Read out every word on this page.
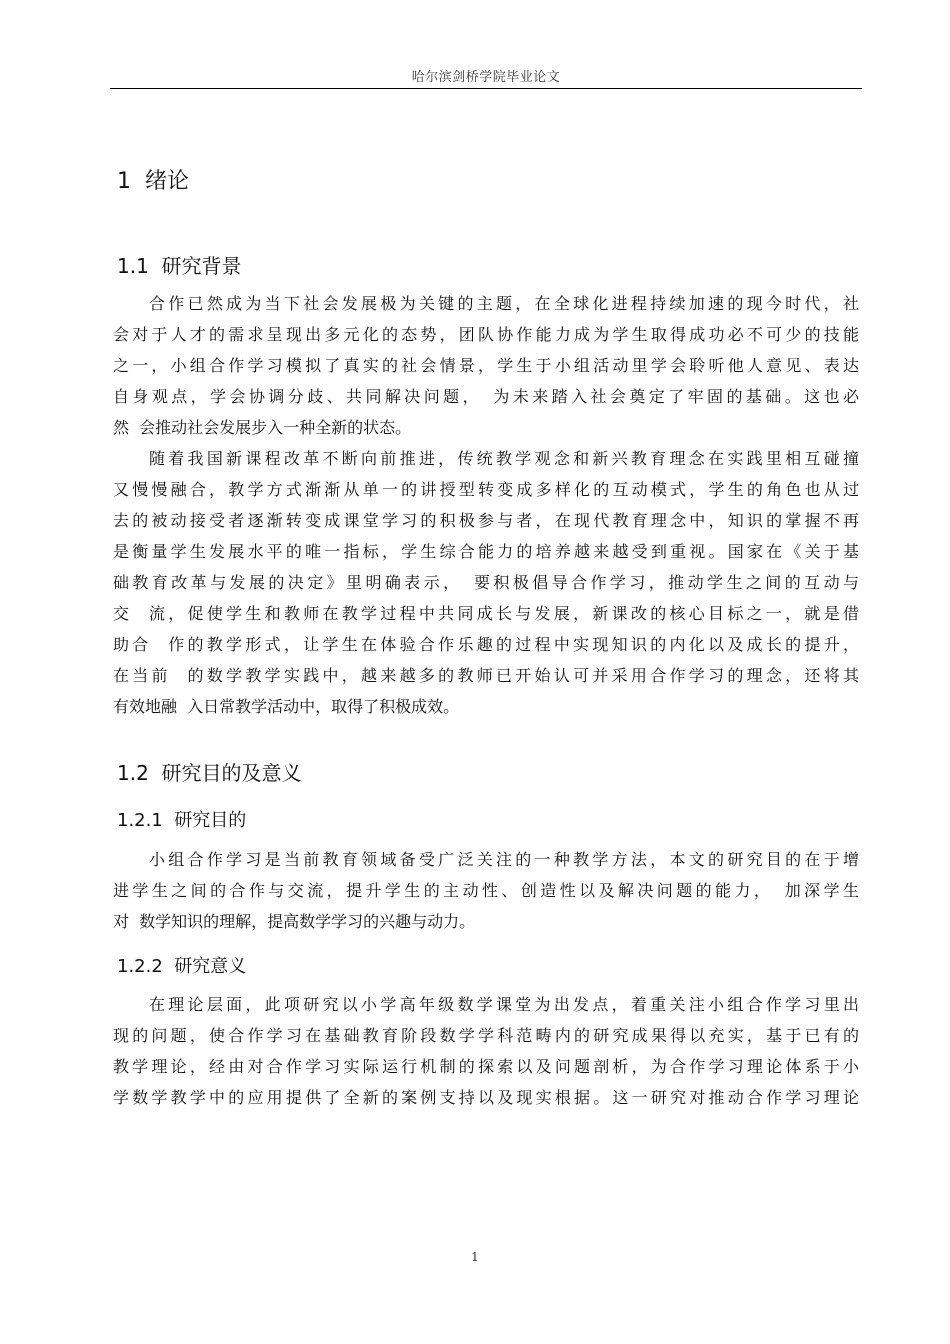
哈尔滨剑桥学院毕业论文
1 绪论
1.1 研究背景
合作已然成为当下社会发展极为关键的主题，在全球化进程持续加速的现今时代，社
会对于人才的需求呈现出多元化的态势，团队协作能力成为学生取得成功必不可少的技能
之一，小组合作学习模拟了真实的社会情景，学生于小组活动里学会聆听他人意见、表达
自身观点，学会协调分歧、共同解决问题，　为未来踏入社会奠定了牢固的基础。这也必
然  会推动社会发展步入一种全新的状态。
随着我国新课程改革不断向前推进，传统教学观念和新兴教育理念在实践里相互碰撞
又慢慢融合，教学方式渐渐从单一的讲授型转变成多样化的互动模式，学生的角色也从过
去的被动接受者逐渐转变成课堂学习的积极参与者，在现代教育理念中，知识的掌握不再
是衡量学生发展水平的唯一指标，学生综合能力的培养越来越受到重视。国家在《关于基
础教育改革与发展的决定》里明确表示，　要积极倡导合作学习，推动学生之间的互动与
交  流，促使学生和教师在教学过程中共同成长与发展，新课改的核心目标之一，就是借
助合  作的教学形式，让学生在体验合作乐趣的过程中实现知识的内化以及成长的提升，
在当前  的数学教学实践中，越来越多的教师已开始认可并采用合作学习的理念，还将其
有效地融  入日常教学活动中，取得了积极成效。
1.2 研究目的及意义
1.2.1 研究目的
小组合作学习是当前教育领域备受广泛关注的一种教学方法，本文的研究目的在于增
进学生之间的合作与交流，提升学生的主动性、创造性以及解决问题的能力，　加深学生
对  数学知识的理解，提高数学学习的兴趣与动力。
1.2.2 研究意义
在理论层面，此项研究以小学高年级数学课堂为出发点，着重关注小组合作学习里出
现的问题，使合作学习在基础教育阶段数学学科范畴内的研究成果得以充实，基于已有的
教学理论，经由对合作学习实际运行机制的探索以及问题剖析，为合作学习理论体系于小
学数学教学中的应用提供了全新的案例支持以及现实根据。这一研究对推动合作学习理论
1
